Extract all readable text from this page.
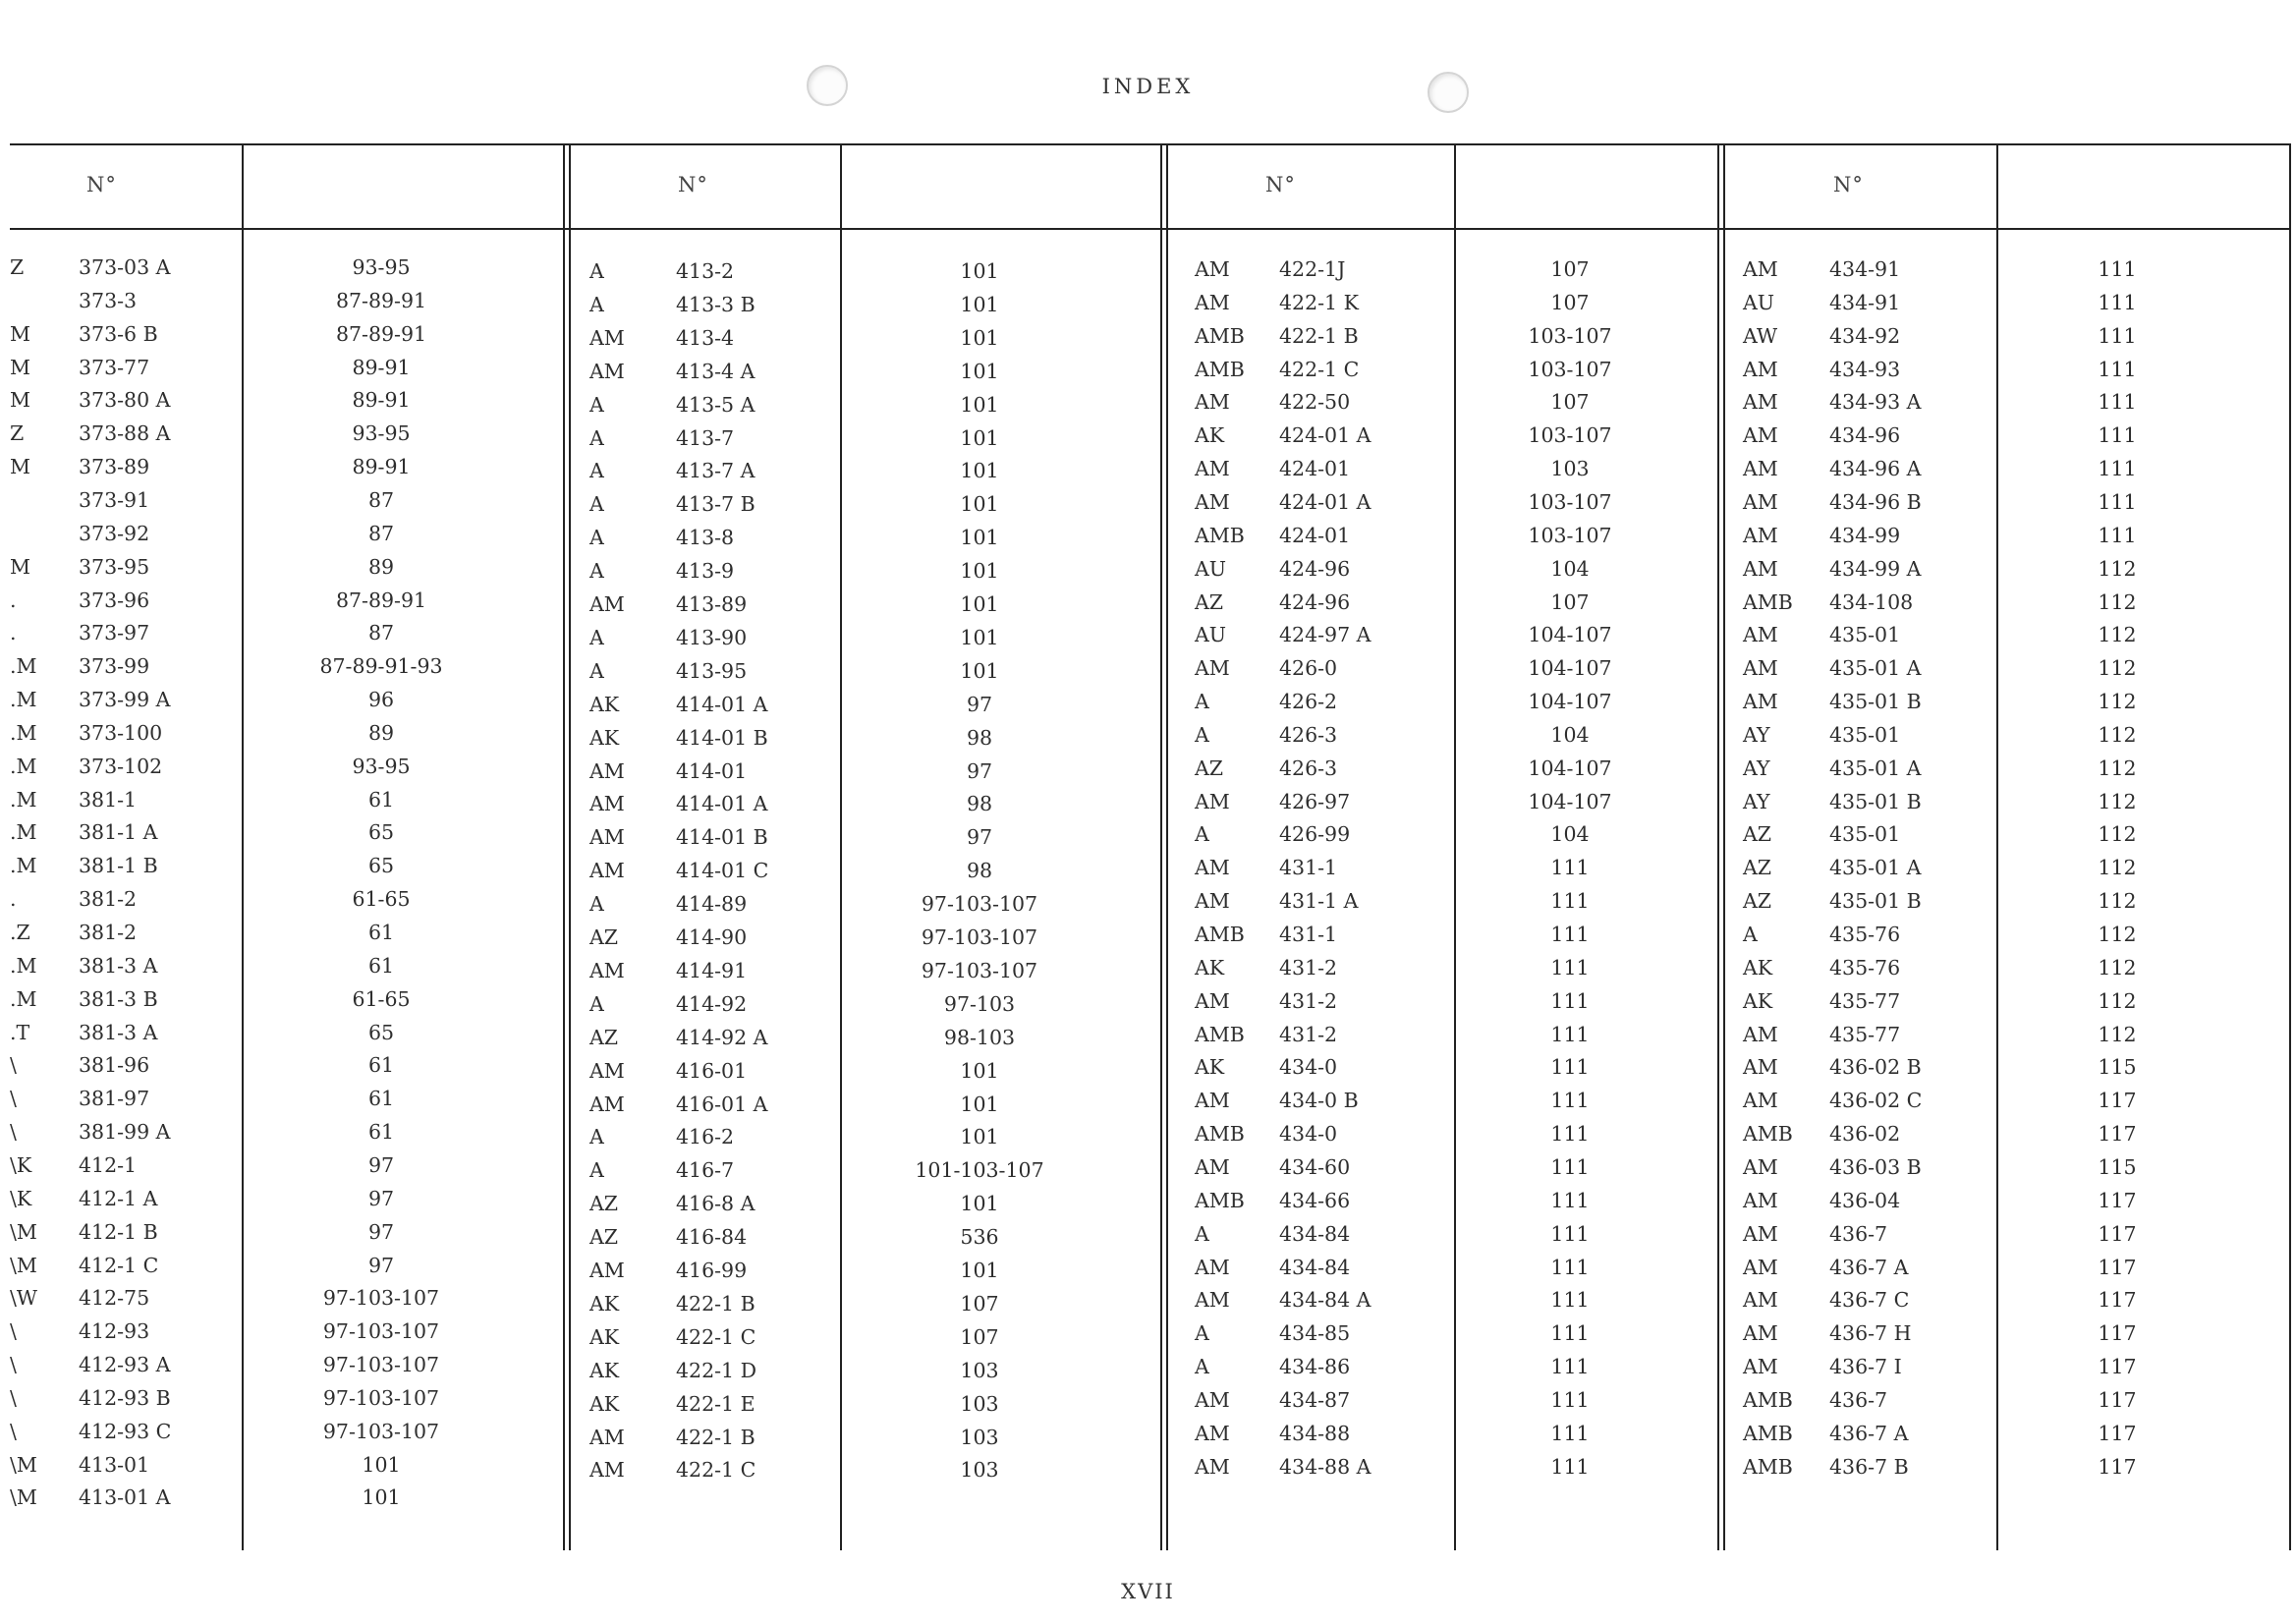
INDEX
N°	N°	N°	N°
Z	373-03 A	93-95
373-3	87-89-91
M 373-6 B	87-89-91
M 373-77	89-91
M 373-80 A	89-91
Z	373-88 A	93-95
M 373-89	89-91
373-91	87
373-92	87
M 373-95	89
.	373-96	87-89-91
.	373-97	87
.M 373-99	87-89-91-93
.M 373-99 A	96
.M 373-100	89
.M 373-102	93-95
.M 381-1	61
.M 381-1 A	65
.M 381-1 B	65
.	381-2	61-65
.Z 381-2	61
.M 381-3 A	61
.M 381-3 B	61-65
.T 381-3 A	65
\	381-96	61
\	381-97	61
\	381-99 A	61
\K 412-1	97
\K 412-1 A	97
\M 412-1 B	97
\M 412-1 C	97
\W 412-75	97-103-107
\	412-93	97-103-107
\	412-93 A	97-103-107
\	412-93 B	97-103-107
\	412-93 C	97-103-107
\M 413-01	101
\M 413-01 A	101
A	413-2	101
A	413-3 B	101
AM	413-4	101
AM	413-4 A	101
A	413-5 A	101
A	413-7	101
A	413-7 A	101
A	413-7 B	101
A	413-8	101
A	413-9	101
AM	413-89	101
A	413-90	101
A	413-95	101
AK	414-01 A	97
AK	414-01 B	98
AM	414-01	97
AM	414-01 A	98
AM	414-01 B	97
AM	414-01 C	98
A	414-89	97-103-107
AZ	414-90	97-103-107
AM	414-91	97-103-107
A	414-92	97-103
AZ	414-92 A	98-103
AM	416-01	101
AM	416-01 A	101
A	416-2	101
A	416-7	101-103-107
AZ	416-8 A	101
AZ	416-84	536
AM	416-99	101
AK	422-1 B	107
AK	422-1 C	107
AK	422-1 D	103
AK	422-1 E	103
AM	422-1 B	103
AM	422-1 C	103
AM 422-1J	107
AM 422-1 K	107
AMB 422-1 B	103-107
AMB 422-1 C	103-107
AM 422-50	107
AK	424-01 A	103-107
AM 424-01	103
AM 424-01 A	103-107
AMB 424-01	103-107
AU	424-96	104
AZ	424-96	107
AU	424-97 A	104-107
AM 426-0	104-107
A	426-2	104-107
A	426-3	104
AZ	426-3	104-107
AM 426-97	104-107
A	426-99	104
AM 431-1	111
AM 431-1 A	111
AMB 431-1	111
AK	431-2	111
AM 431-2	111
AMB 431-2	111
AK	434-0	111
AM 434-0 B	111
AMB 434-0	111
AM 434-60	111
AMB 434-66	111
A	434-84	111
AM 434-84	111
AM 434-84 A	111
A	434-85	111
A	434-86	111
AM 434-87	111
AM 434-88	111
AM 434-88 A	111
AM	434-91	111
AU	434-91	111
AW	434-92	111
AM	434-93	111
AM	434-93 A	111
AM	434-96	111
AM	434-96 A	111
AM	434-96 B	111
AM	434-99	111
AM	434-99 A	112
AMB 434-108	112
AM	435-01	112
AM	435-01 A	112
AM	435-01 B	112
AY	435-01	112
AY	435-01 A	112
AY	435-01 B	112
AZ	435-01	112
AZ	435-01 A	112
AZ	435-01 B	112
A	435-76	112
AK	435-76	112
AK	435-77	112
AM	435-77	112
AM	436-02 B	115
AM	436-02 C	117
AMB 436-02	117
AM	436-03 B	115
AM	436-04	117
AM	436-7	117
AM	436-7 A	117
AM	436-7 C	117
AM	436-7 H	117
AM	436-7 I	117
AMB 436-7	117
AMB 436-7 A	117
AMB 436-7 B	117
XVII
